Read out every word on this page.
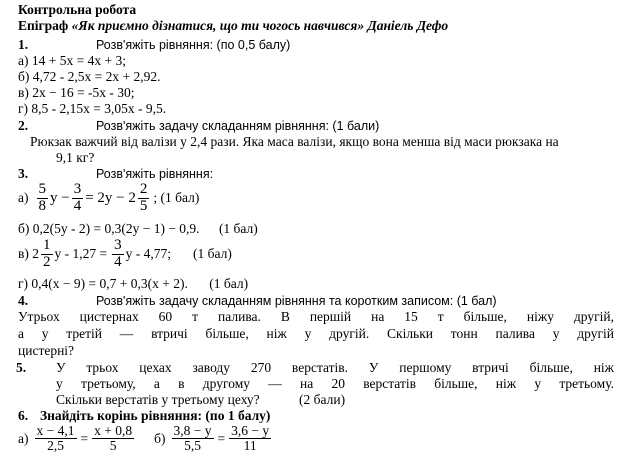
Контрольна робота
Епіграф «Як приємно дізнатися, що ти чогось навчився» Даніель Дефо
1.	Розв'яжіть рівняння: (по 0,5 балу)
а) 14 + 5x = 4x + 3;
б) 4,72 - 2,5x = 2x + 2,92.
в) 2x − 16 = -5x - 30;
г) 8,5 - 2,15x = 3,05x - 9,5.
2.	Розв'яжіть задачу складанням рівняння: (1 бали)
Рюкзак важчий від валізи у 2,4 рази. Яка маса валізи, якщо вона менша від маси рюкзака на
9,1 кг?
3.	Розв'яжіть рівняння:
$а) \frac{5}{8}$ $y - \frac{3}{4} = 2y - 2 \frac{2}{5}$ ; (1 бал)
б) 0,2(5y - 2) = 0,3(2y − 1) − 0,9. (1 бал)
в) $2 \frac{1}{2}$ $y - 1,27 = \frac{3}{4}$ y - 4,77; (1 бал)
г) 0,4(x − 9) = 0,7 + 0,3(x + 2). (1 бал)
4.	Розв'яжіть задачу складанням рівняння та коротким записом: (1 бал)
Утрьох цистернах 60 т палива. В першій на 15 т більше, ніжу другій,
а у третій — втричі більше, ніж у другій. Скільки тонн палива у другій
цистерні?
5. У трьох цехах заводу 270 верстатів. У першому втричі більше, ніж
у третьому, а в другому — на 20 верстатів більше, ніж у третьому.
Скільки верстатів у третьому цеху?	(2 бали)
6. Знайдіть корінь рівняння: (по 1 балу)
$а) \frac{x - 4,1}{2,5} = \frac{x + 0,8}{5} б) \frac{3,8 - y}{5,5} = \frac{3,6 - y}{11}$
